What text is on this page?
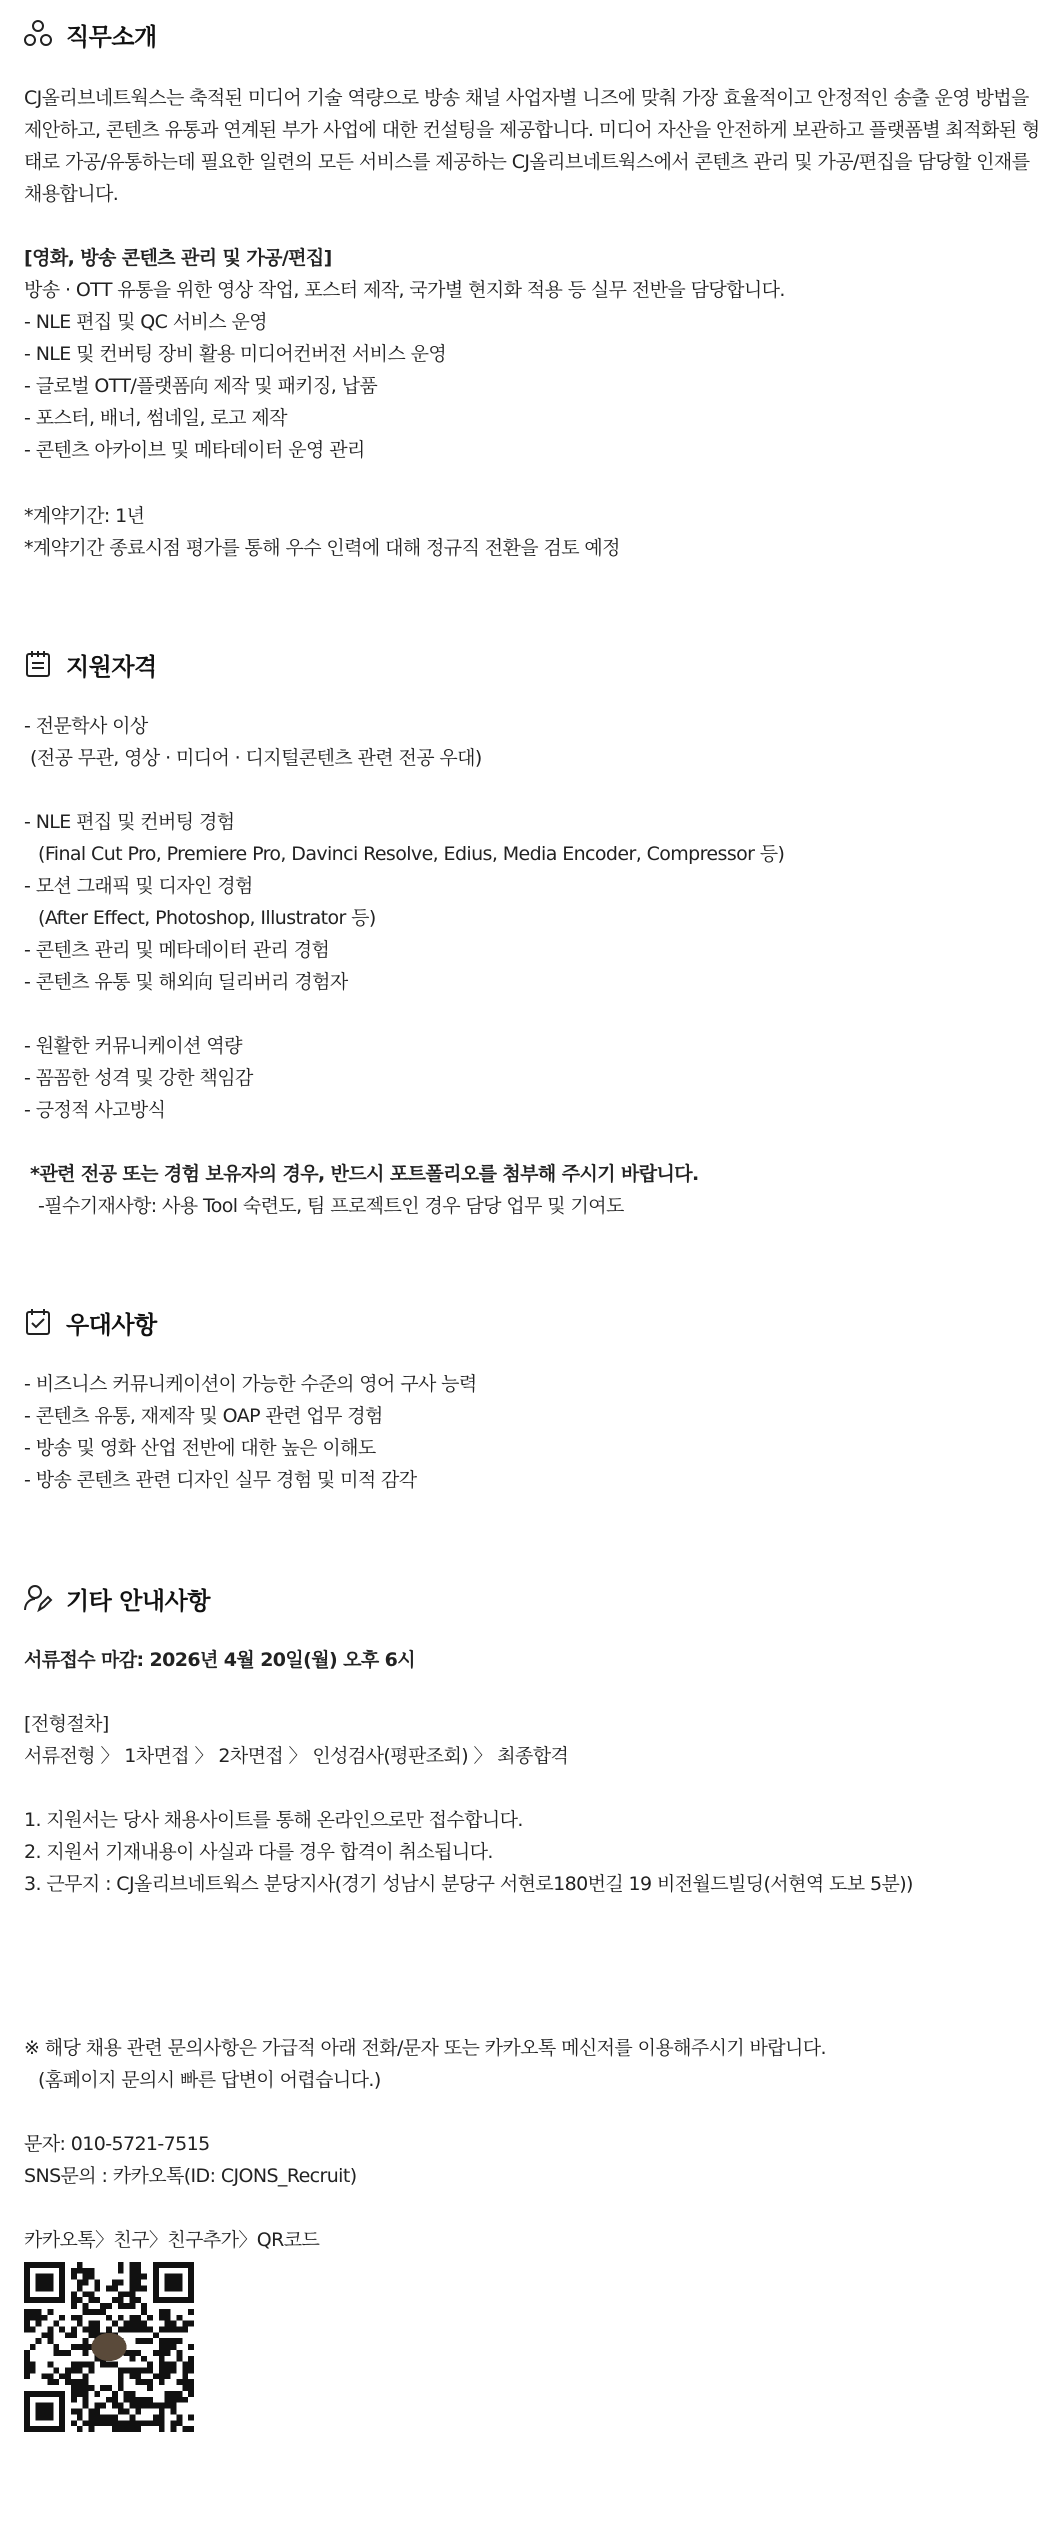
직무소개
CJ올리브네트웍스는 축적된 미디어 기술 역량으로 방송 채널 사업자별 니즈에 맞춰 가장 효율적이고 안정적인 송출 운영 방법을 제안하고, 콘텐츠 유통과 연계된 부가 사업에 대한 컨설팅을 제공합니다. 미디어 자산을 안전하게 보관하고 플랫폼별 최적화된 형태로 가공/유통하는데 필요한 일련의 모든 서비스를 제공하는 CJ올리브네트웍스에서 콘텐츠 관리 및 가공/편집을 담당할 인재를 채용합니다.
[영화, 방송 콘텐츠 관리 및 가공/편집]
방송 · OTT 유통을 위한 영상 작업, 포스터 제작, 국가별 현지화 적용 등 실무 전반을 담당합니다.
- NLE 편집 및 QC 서비스 운영
- NLE 및 컨버팅 장비 활용 미디어컨버전 서비스 운영
- 글로벌 OTT/플랫폼向 제작 및 패키징, 납품
- 포스터, 배너, 썸네일, 로고 제작
- 콘텐츠 아카이브 및 메타데이터 운영 관리
*계약기간: 1년
*계약기간 종료시점 평가를 통해 우수 인력에 대해 정규직 전환을 검토 예정
지원자격
- 전문학사 이상
(전공 무관, 영상 · 미디어 · 디지털콘텐츠 관련 전공 우대)
- NLE 편집 및 컨버팅 경험
(Final Cut Pro, Premiere Pro, Davinci Resolve, Edius, Media Encoder, Compressor 등)
- 모션 그래픽 및 디자인 경험
(After Effect, Photoshop, Illustrator 등)
- 콘텐츠 관리 및 메타데이터 관리 경험
- 콘텐츠 유통 및 해외向 딜리버리 경험자
- 원활한 커뮤니케이션 역량
- 꼼꼼한 성격 및 강한 책임감
- 긍정적 사고방식
*관련 전공 또는 경험 보유자의 경우, 반드시 포트폴리오를 첨부해 주시기 바랍니다.
-필수기재사항: 사용 Tool 숙련도, 팀 프로젝트인 경우 담당 업무 및 기여도
우대사항
- 비즈니스 커뮤니케이션이 가능한 수준의 영어 구사 능력
- 콘텐츠 유통, 재제작 및 OAP 관련 업무 경험
- 방송 및 영화 산업 전반에 대한 높은 이해도
- 방송 콘텐츠 관련 디자인 실무 경험 및 미적 감각
기타 안내사항
서류접수 마감: 2026년 4월 20일(월) 오후 6시
[전형절차]
서류전형 〉 1차면접 〉 2차면접 〉 인성검사(평판조회) 〉 최종합격
1. 지원서는 당사 채용사이트를 통해 온라인으로만 접수합니다.
2. 지원서 기재내용이 사실과 다를 경우 합격이 취소됩니다.
3. 근무지 : CJ올리브네트웍스 분당지사(경기 성남시 분당구 서현로180번길 19 비전월드빌딩(서현역 도보 5분))
※ 해당 채용 관련 문의사항은 가급적 아래 전화/문자 또는 카카오톡 메신저를 이용해주시기 바랍니다.
(홈페이지 문의시 빠른 답변이 어렵습니다.)
문자: 010-5721-7515
SNS문의 : 카카오톡(ID: CJONS_Recruit)
카카오톡〉친구〉친구추가〉QR코드
